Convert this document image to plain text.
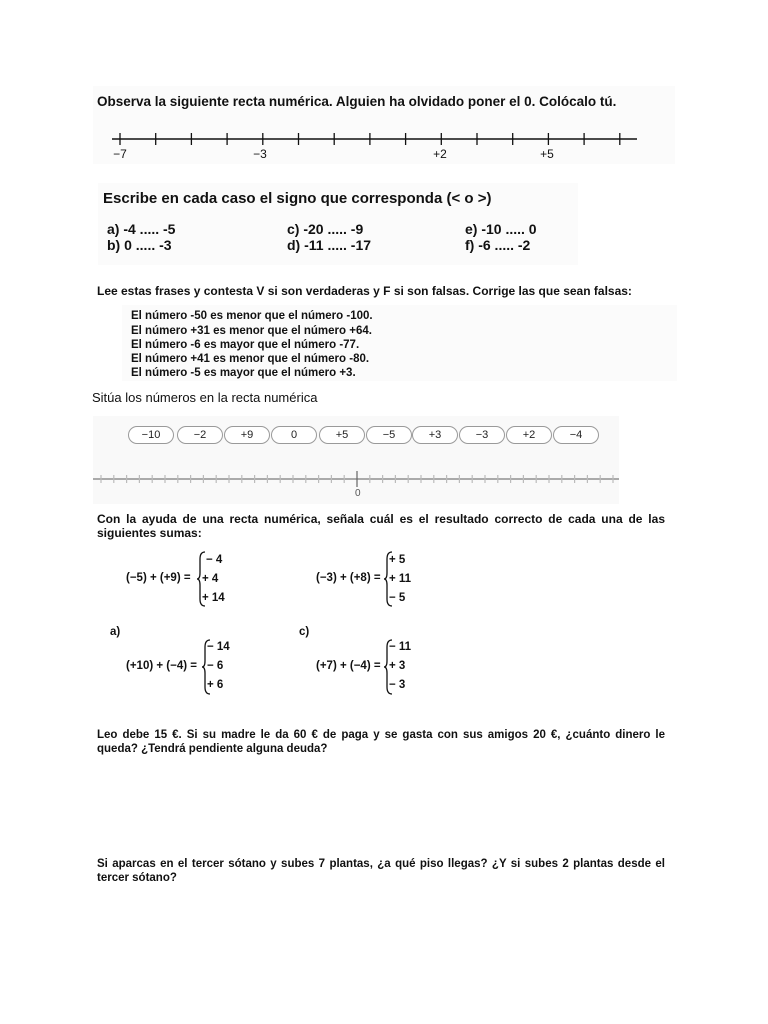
Observa la siguiente recta numérica. Alguien ha olvidado poner el 0. Colócalo tú.
−7	−3	+2	+5
Escribe en cada caso el signo que corresponda (< o >)
a) -4 ..... -5
b) 0 ..... -3
c) -20 ..... -9
d) -11 ..... -17
e) -10 ..... 0
f) -6 ..... -2
Lee estas frases y contesta V si son verdaderas y F si son falsas. Corrige las que sean falsas:
El número -50 es menor que el número -100.
El número +31 es menor que el número +64.
El número -6 es mayor que el número -77.
El número +41 es menor que el número -80.
El número -5 es mayor que el número +3.
Sitúa los números en la recta numérica
−10	−2	+9	0	+5	−5	+3	−3	+2	−4
0
Con la ayuda de una recta numérica, señala cuál es el resultado correcto de cada una de las siguientes sumas:
(−5) + (+9) =
− 4
+ 4
+ 14
(−3) + (+8) =
+ 5
+ 11
− 5
a)	c)
(+10) + (−4) =
− 14
− 6
+ 6
(+7) + (−4) =
− 11
+ 3
− 3
Leo debe 15 €. Si su madre le da 60 € de paga y se gasta con sus amigos 20 €, ¿cuánto dinero le queda? ¿Tendrá pendiente alguna deuda?
Si aparcas en el tercer sótano y subes 7 plantas, ¿a qué piso llegas? ¿Y si subes 2 plantas desde el tercer sótano?
